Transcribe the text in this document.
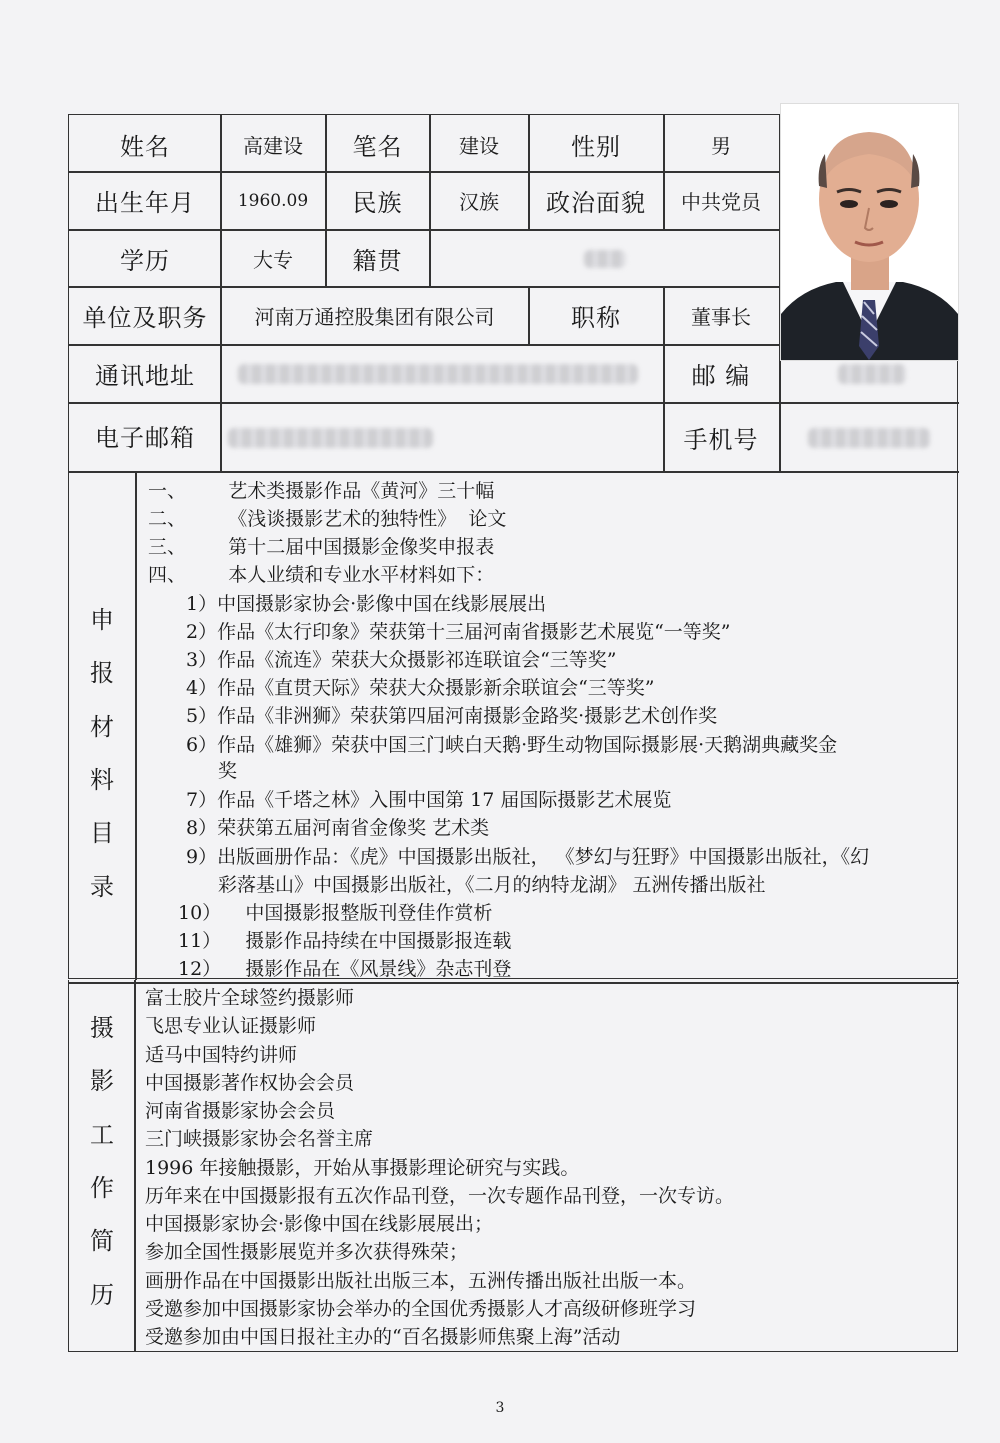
姓名	高建设	笔名	建设	性别	男
出生年月	1960.09	民族	汉族	政治面貌	中共党员
学历	大专	籍贯
单位及职务	河南万通控股集团有限公司	职称	董事长
通讯地址	邮 编
电子邮箱	手机号
申
报
材
料
目
录
一、       艺术类摄影作品《黄河》三十幅
二、       《浅谈摄影艺术的独特性》  论文
三、       第十二届中国摄影金像奖申报表
四、       本人业绩和专业水平材料如下：
1）中国摄影家协会·影像中国在线影展展出
2）作品《太行印象》荣获第十三届河南省摄影艺术展览“一等奖”
3）作品《流连》荣获大众摄影祁连联谊会“三等奖”
4）作品《直贯天际》荣获大众摄影新余联谊会“三等奖”
5）作品《非洲狮》荣获第四届河南摄影金路奖·摄影艺术创作奖
6）作品《雄狮》荣获中国三门峡白天鹅·野生动物国际摄影展·天鹅湖典藏奖金
奖
7）作品《千塔之林》入围中国第 17 届国际摄影艺术展览
8）荣获第五届河南省金像奖 艺术类
9）出版画册作品：《虎》中国摄影出版社， 《梦幻与狂野》中国摄影出版社，《幻
彩落基山》中国摄影出版社，《二月的纳特龙湖》 五洲传播出版社
10）    中国摄影报整版刊登佳作赏析
11）    摄影作品持续在中国摄影报连载
12）    摄影作品在《风景线》杂志刊登
摄
影
工
作
简
历
富士胶片全球签约摄影师
飞思专业认证摄影师
适马中国特约讲师
中国摄影著作权协会会员
河南省摄影家协会会员
三门峡摄影家协会名誉主席
1996 年接触摄影，开始从事摄影理论研究与实践。
历年来在中国摄影报有五次作品刊登，一次专题作品刊登，一次专访。
中国摄影家协会·影像中国在线影展展出；
参加全国性摄影展览并多次获得殊荣；
画册作品在中国摄影出版社出版三本，五洲传播出版社出版一本。
受邀参加中国摄影家协会举办的全国优秀摄影人才高级研修班学习
受邀参加由中国日报社主办的“百名摄影师焦聚上海”活动
3
